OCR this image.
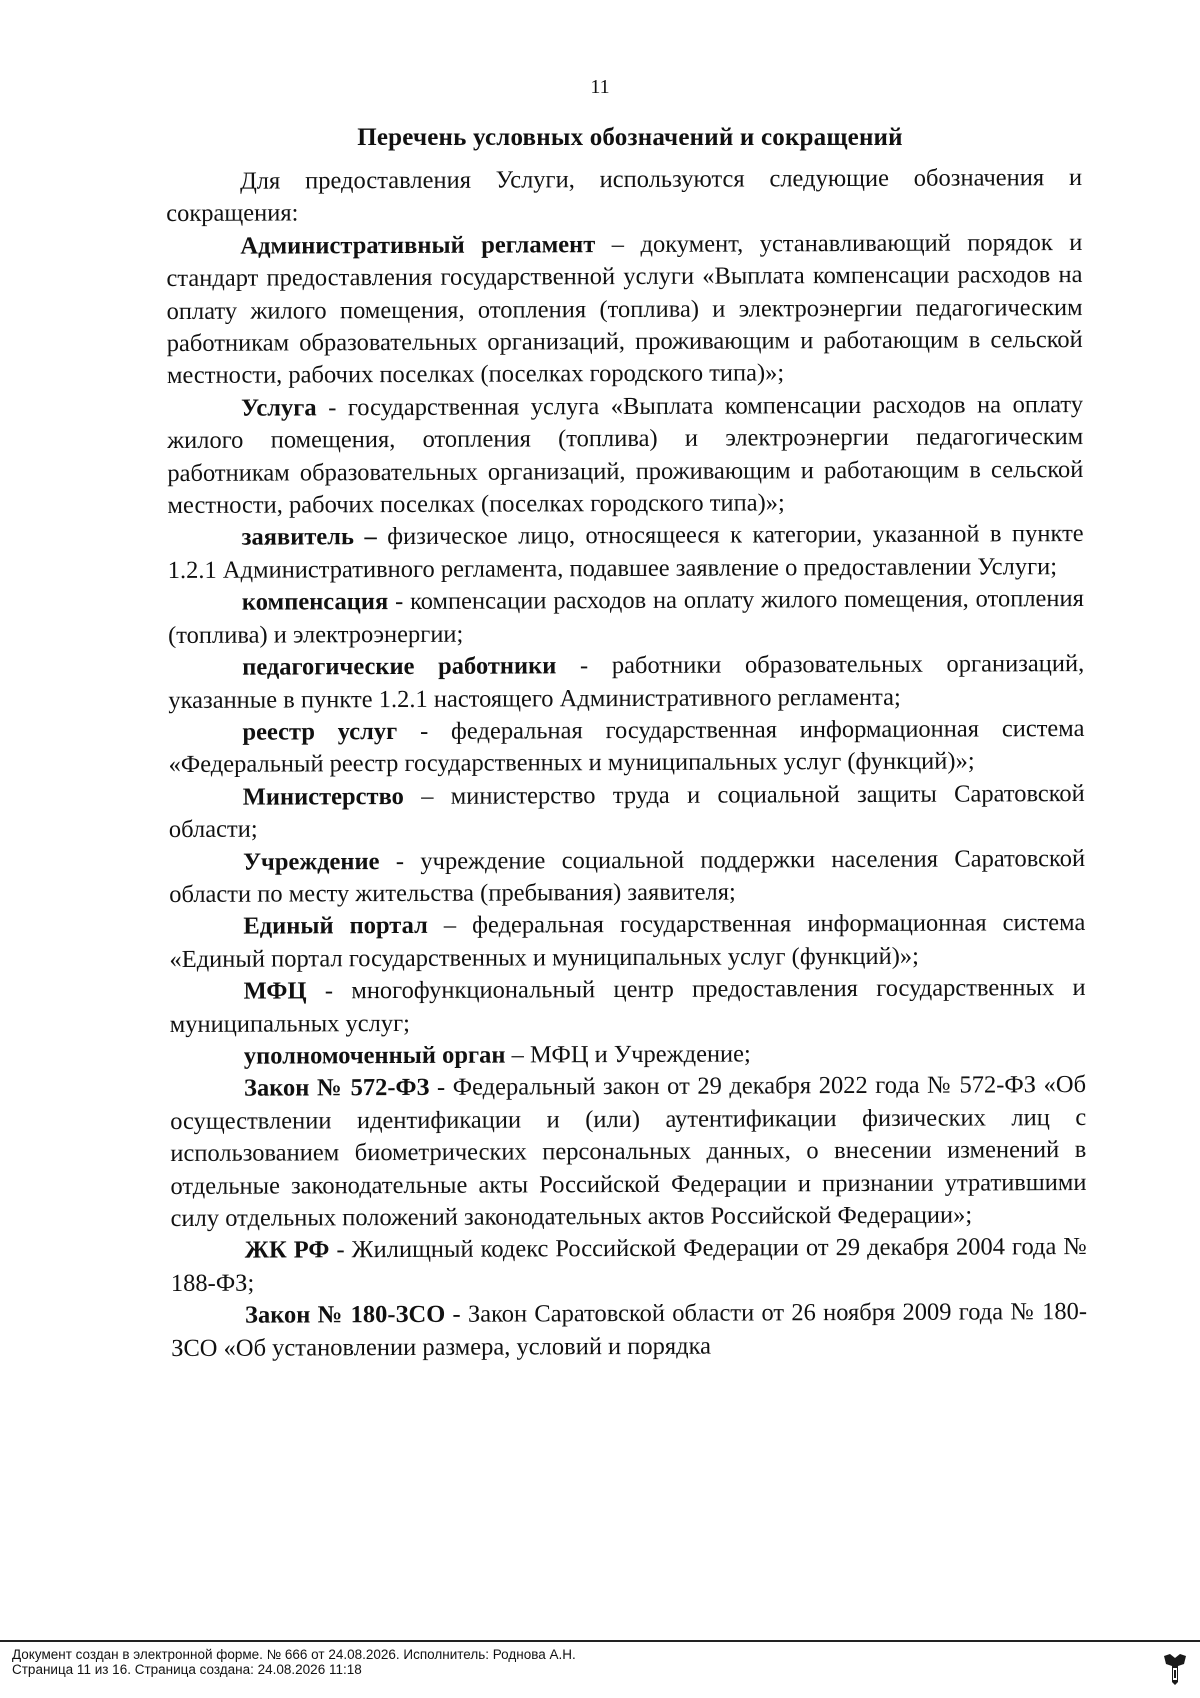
11
Перечень условных обозначений и сокращений

Для предоставления Услуги, используются следующие обозначения и сокращения:

Административный регламент – документ, устанавливающий порядок и стандарт предоставления государственной услуги «Выплата компенсации расходов на оплату жилого помещения, отопления (топлива) и электроэнергии педагогическим работникам образовательных организаций, проживающим и работающим в сельской местности, рабочих поселках (поселках городского типа)»;

Услуга - государственная услуга «Выплата компенсации расходов на оплату жилого помещения, отопления (топлива) и электроэнергии педагогическим работникам образовательных организаций, проживающим и работающим в сельской местности, рабочих поселках (поселках городского типа)»;

заявитель – физическое лицо, относящееся к категории, указанной в пункте 1.2.1 Административного регламента, подавшее заявление о предоставлении Услуги;

компенсация - компенсации расходов на оплату жилого помещения, отопления (топлива) и электроэнергии;

педагогические работники - работники образовательных организаций, указанные в пункте 1.2.1 настоящего Административного регламента;

реестр услуг - федеральная государственная информационная система «Федеральный реестр государственных и муниципальных услуг (функций)»;

Министерство – министерство труда и социальной защиты Саратовской области;

Учреждение - учреждение социальной поддержки населения Саратовской области по месту жительства (пребывания) заявителя;

Единый портал – федеральная государственная информационная система «Единый портал государственных и муниципальных услуг (функций)»;

МФЦ - многофункциональный центр предоставления государственных и муниципальных услуг;

уполномоченный орган – МФЦ и Учреждение;

Закон № 572-ФЗ - Федеральный закон от 29 декабря 2022 года № 572-ФЗ «Об осуществлении идентификации и (или) аутентификации физических лиц с использованием биометрических персональных данных, о внесении изменений в отдельные законодательные акты Российской Федерации и признании утратившими силу отдельных положений законодательных актов Российской Федерации»;

ЖК РФ - Жилищный кодекс Российской Федерации от 29 декабря 2004 года № 188-ФЗ;

Закон № 180-ЗСО - Закон Саратовской области от 26 ноября 2009 года № 180-ЗСО «Об установлении размера, условий и порядка

Документ создан в электронной форме. № 666 от 24.08.2026. Исполнитель: Роднова А.Н.
Страница 11 из 16. Страница создана: 24.08.2026 11:18
